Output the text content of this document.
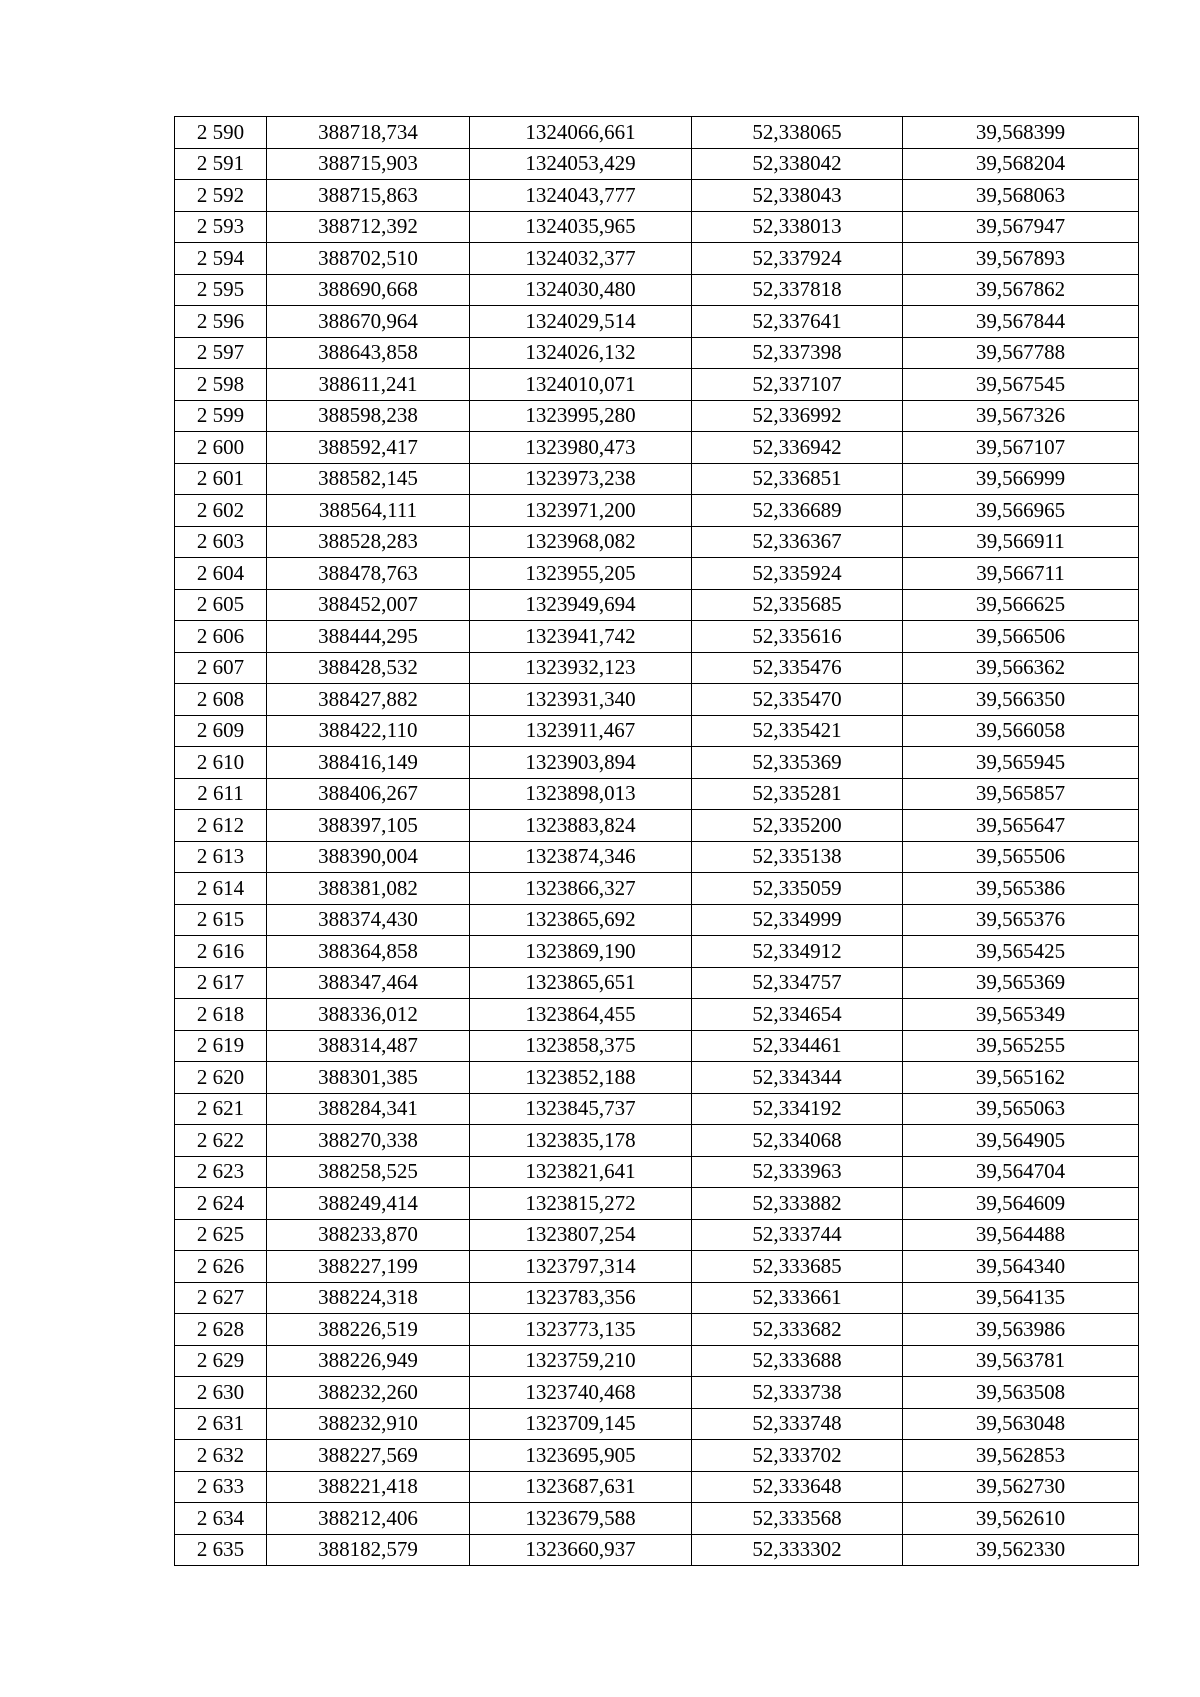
2 590	388718,734	1324066,661	52,338065	39,568399
2 591	388715,903	1324053,429	52,338042	39,568204
2 592	388715,863	1324043,777	52,338043	39,568063
2 593	388712,392	1324035,965	52,338013	39,567947
2 594	388702,510	1324032,377	52,337924	39,567893
2 595	388690,668	1324030,480	52,337818	39,567862
2 596	388670,964	1324029,514	52,337641	39,567844
2 597	388643,858	1324026,132	52,337398	39,567788
2 598	388611,241	1324010,071	52,337107	39,567545
2 599	388598,238	1323995,280	52,336992	39,567326
2 600	388592,417	1323980,473	52,336942	39,567107
2 601	388582,145	1323973,238	52,336851	39,566999
2 602	388564,111	1323971,200	52,336689	39,566965
2 603	388528,283	1323968,082	52,336367	39,566911
2 604	388478,763	1323955,205	52,335924	39,566711
2 605	388452,007	1323949,694	52,335685	39,566625
2 606	388444,295	1323941,742	52,335616	39,566506
2 607	388428,532	1323932,123	52,335476	39,566362
2 608	388427,882	1323931,340	52,335470	39,566350
2 609	388422,110	1323911,467	52,335421	39,566058
2 610	388416,149	1323903,894	52,335369	39,565945
2 611	388406,267	1323898,013	52,335281	39,565857
2 612	388397,105	1323883,824	52,335200	39,565647
2 613	388390,004	1323874,346	52,335138	39,565506
2 614	388381,082	1323866,327	52,335059	39,565386
2 615	388374,430	1323865,692	52,334999	39,565376
2 616	388364,858	1323869,190	52,334912	39,565425
2 617	388347,464	1323865,651	52,334757	39,565369
2 618	388336,012	1323864,455	52,334654	39,565349
2 619	388314,487	1323858,375	52,334461	39,565255
2 620	388301,385	1323852,188	52,334344	39,565162
2 621	388284,341	1323845,737	52,334192	39,565063
2 622	388270,338	1323835,178	52,334068	39,564905
2 623	388258,525	1323821,641	52,333963	39,564704
2 624	388249,414	1323815,272	52,333882	39,564609
2 625	388233,870	1323807,254	52,333744	39,564488
2 626	388227,199	1323797,314	52,333685	39,564340
2 627	388224,318	1323783,356	52,333661	39,564135
2 628	388226,519	1323773,135	52,333682	39,563986
2 629	388226,949	1323759,210	52,333688	39,563781
2 630	388232,260	1323740,468	52,333738	39,563508
2 631	388232,910	1323709,145	52,333748	39,563048
2 632	388227,569	1323695,905	52,333702	39,562853
2 633	388221,418	1323687,631	52,333648	39,562730
2 634	388212,406	1323679,588	52,333568	39,562610
2 635	388182,579	1323660,937	52,333302	39,562330
